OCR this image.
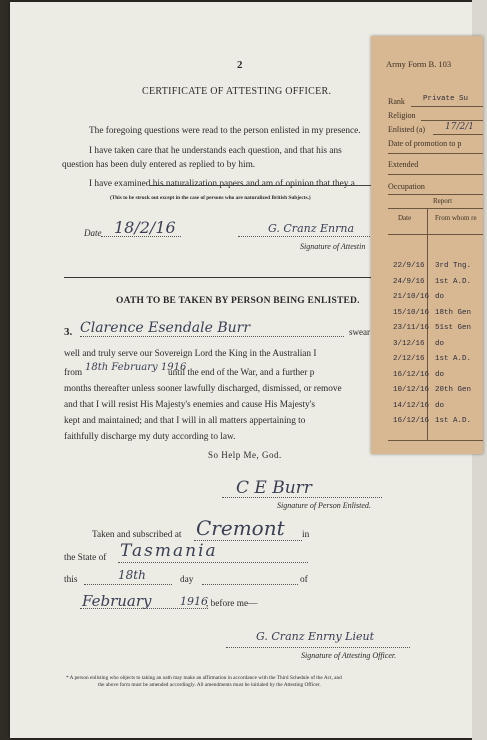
2
CERTIFICATE OF ATTESTING OFFICER.
The foregoing questions were read to the person enlisted in my presence.
I have taken care that he understands each question, and that his ans
question has been duly entered as replied to by him.
I have examined his naturalization papers and am of opinion that they a
(This to be struck out except in the case of persons who are naturalized British Subjects.)
Date 18/2/16	G. Cranz Enrna
Signature of Attestin
OATH TO BE TAKEN BY PERSON BEING ENLISTED.
3. Clarence Esendale Burr	swear
well and truly serve our Sovereign Lord the King in the Australian I
from 18th February 1916
until the end of the War, and a further p
months thereafter unless sooner lawfully discharged, dismissed, or remove
and that I will resist His Majesty's enemies and cause His Majesty's
kept and maintained; and that I will in all matters appertaining to
faithfully discharge my duty according to law.
So Help Me, God.
C E Burr
Signature of Person Enlisted.
Taken and subscribed at Cremont in
the State of Tasmania
this	18th	day	of
February	1916
, before me—
G. Cranz Enrny Lieut
Signature of Attesting Officer.
* A person enlisting who objects to taking an oath may make an affirmation in accordance with the Third Schedule of the Act, and
the above form must be amended accordingly. All amendments must be initialed by the Attesting Officer.
Army Form B. 103
Rank Private Su
Religion
Enlisted (a) 17/2/1
Date of promotion to p
Extended
Occupation
Report
Date	From whom re
22/9/16 3rd Tng.
24/9/16 1st A.D.
21/10/16 do
15/10/16 18th Gen
23/11/16 51st Gen
3/12/16 do
2/12/16 1st A.D.
16/12/16 do
10/12/16 20th Gen
14/12/16 do
16/12/16 1st A.D.
